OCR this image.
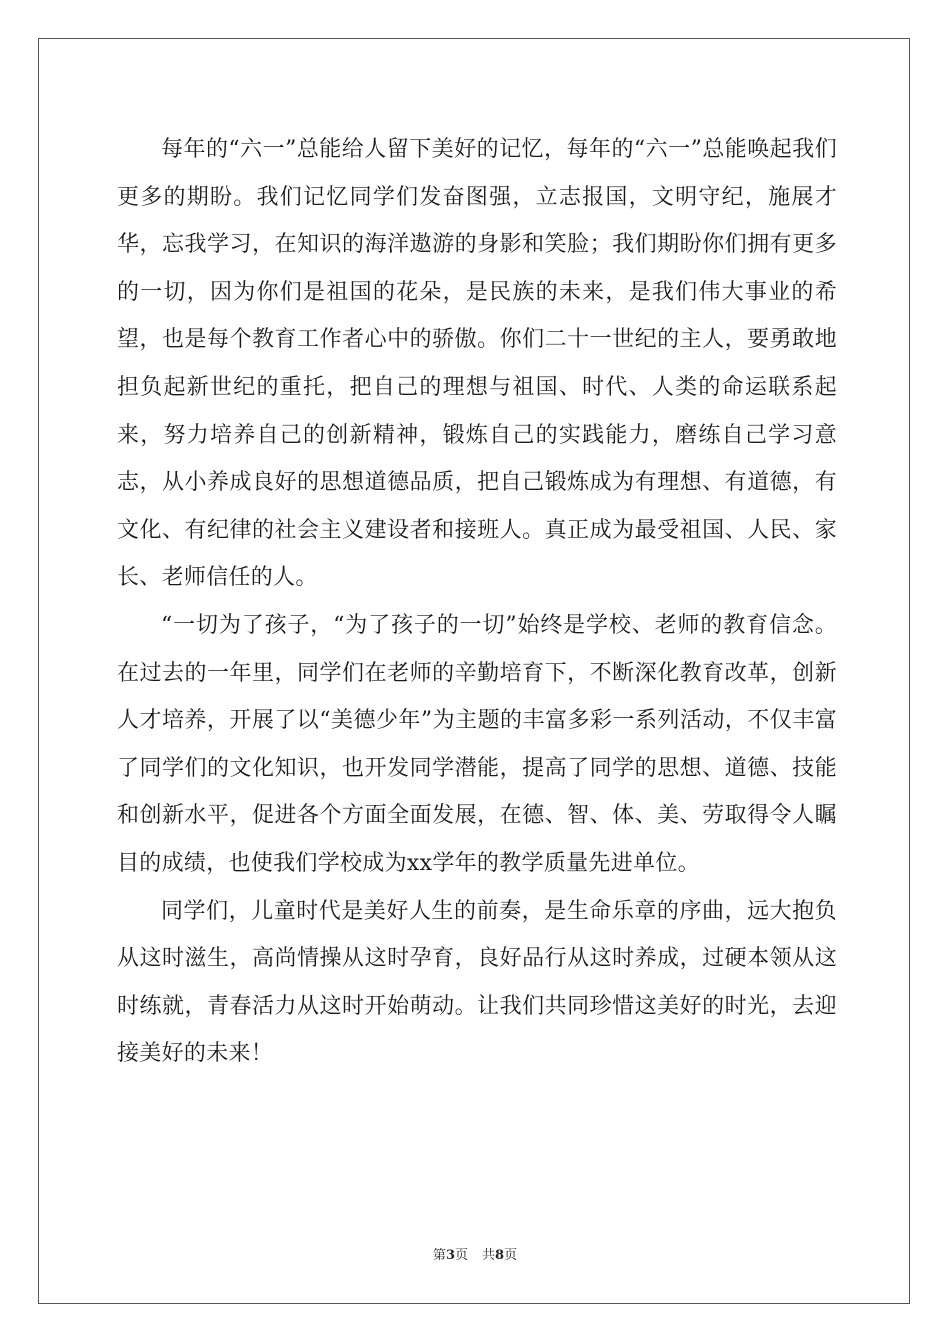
每年的“六一”总能给人留下美好的记忆，每年的“六一”总能唤起我们更多的期盼。我们记忆同学们发奋图强，立志报国，文明守纪，施展才华，忘我学习，在知识的海洋遨游的身影和笑脸；我们期盼你们拥有更多的一切，因为你们是祖国的花朵，是民族的未来，是我们伟大事业的希望，也是每个教育工作者心中的骄傲。你们二十一世纪的主人，要勇敢地担负起新世纪的重托，把自己的理想与祖国、时代、人类的命运联系起来，努力培养自己的创新精神，锻炼自己的实践能力，磨练自己学习意志，从小养成良好的思想道德品质，把自己锻炼成为有理想、有道德，有文化、有纪律的社会主义建设者和接班人。真正成为最受祖国、人民、家长、老师信任的人。

“一切为了孩子，“为了孩子的一切”始终是学校、老师的教育信念。在过去的一年里，同学们在老师的辛勤培育下，不断深化教育改革，创新人才培养，开展了以“美德少年”为主题的丰富多彩一系列活动，不仅丰富了同学们的文化知识，也开发同学潜能，提高了同学的思想、道德、技能和创新水平，促进各个方面全面发展，在德、智、体、美、劳取得令人瞩目的成绩，也使我们学校成为xx学年的教学质量先进单位。

同学们，儿童时代是美好人生的前奏，是生命乐章的序曲，远大抱负从这时滋生，高尚情操从这时孕育，良好品行从这时养成，过硬本领从这时练就，青春活力从这时开始萌动。让我们共同珍惜这美好的时光，去迎接美好的未来！

第3页 共8页
